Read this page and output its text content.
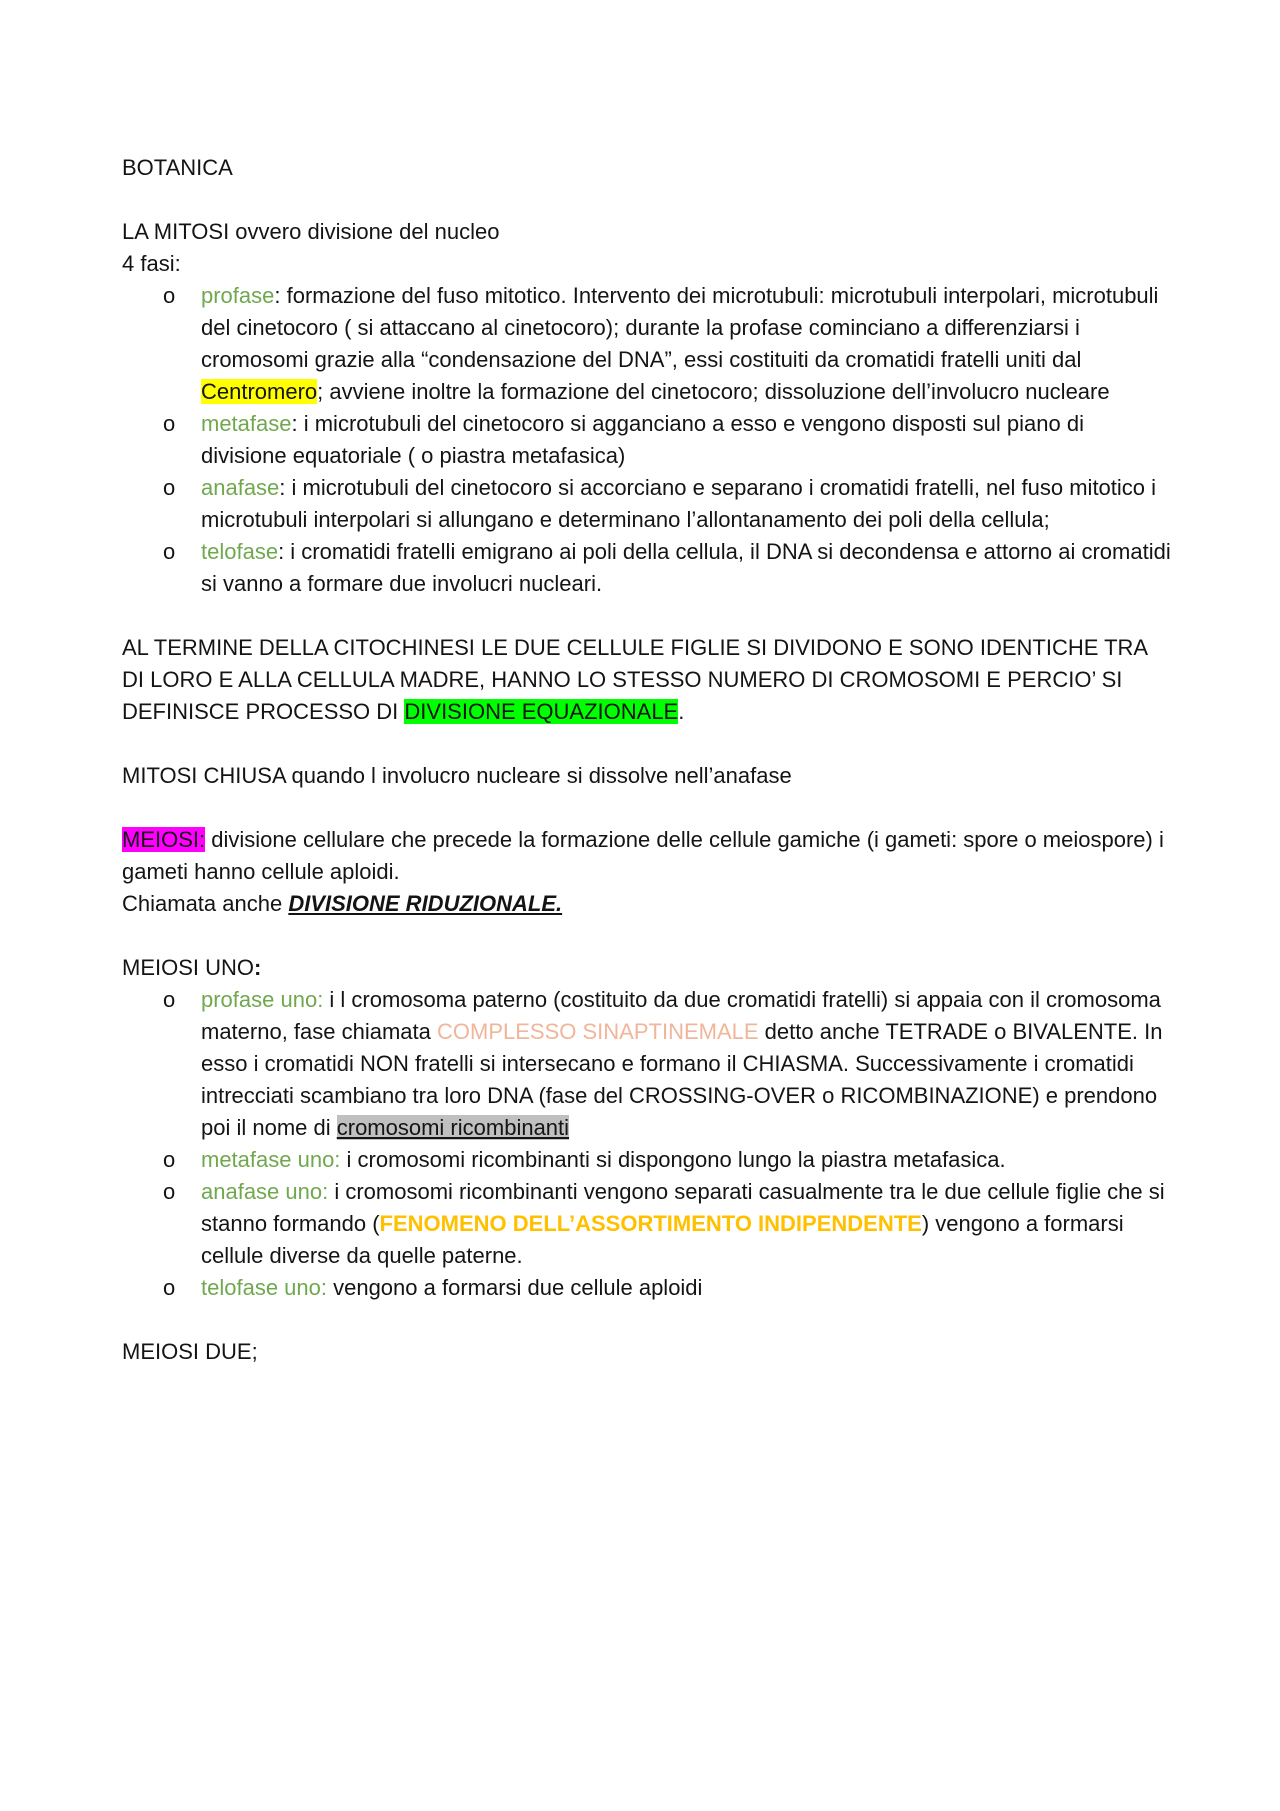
BOTANICA

LA MITOSI ovvero divisione del nucleo

4 fasi:

o profase: formazione del fuso mitotico. Intervento dei microtubuli: microtubuli interpolari, microtubuli del cinetocoro ( si attaccano al cinetocoro); durante la profase cominciano a differenziarsi i cromosomi grazie alla “condensazione del DNA”, essi costituiti da cromatidi fratelli uniti dal Centromero; avviene inoltre la formazione del cinetocoro; dissoluzione dell’involucro nucleare
o metafase: i microtubuli del cinetocoro si agganciano a esso e vengono disposti sul piano di divisione equatoriale ( o piastra metafasica)
o anafase: i microtubuli del cinetocoro si accorciano e separano i cromatidi fratelli, nel fuso mitotico i microtubuli interpolari si allungano e determinano l’allontanamento dei poli della cellula;
o telofase: i cromatidi fratelli emigrano ai poli della cellula, il DNA si decondensa e attorno ai cromatidi si vanno a formare due involucri nucleari.

AL TERMINE DELLA CITOCHINESI LE DUE CELLULE FIGLIE SI DIVIDONO E SONO IDENTICHE TRA DI LORO E ALLA CELLULA MADRE, HANNO LO STESSO NUMERO DI CROMOSOMI E PERCIO’ SI DEFINISCE PROCESSO DI DIVISIONE EQUAZIONALE.

MITOSI CHIUSA quando l involucro nucleare si dissolve nell’anafase

MEIOSI: divisione cellulare che precede la formazione delle cellule gamiche (i gameti: spore o meiospore) i gameti hanno cellule aploidi.

Chiamata anche DIVISIONE RIDUZIONALE.

MEIOSI UNO:

o profase uno: i l cromosoma paterno (costituito da due cromatidi fratelli) si appaia con il cromosoma materno, fase chiamata COMPLESSO SINAPTINEMALE detto anche TETRADE o BIVALENTE. In esso i cromatidi NON fratelli si intersecano e formano il CHIASMA. Successivamente i cromatidi intrecciati scambiano tra loro DNA (fase del CROSSING-OVER o RICOMBINAZIONE) e prendono poi il nome di cromosomi ricombinanti
o metafase uno: i cromosomi ricombinanti si dispongono lungo la piastra metafasica.
o anafase uno: i cromosomi ricombinanti vengono separati casualmente tra le due cellule figlie che si stanno formando (FENOMENO DELL’ASSORTIMENTO INDIPENDENTE) vengono a formarsi cellule diverse da quelle paterne.
o telofase uno: vengono a formarsi due cellule aploidi

MEIOSI DUE;
